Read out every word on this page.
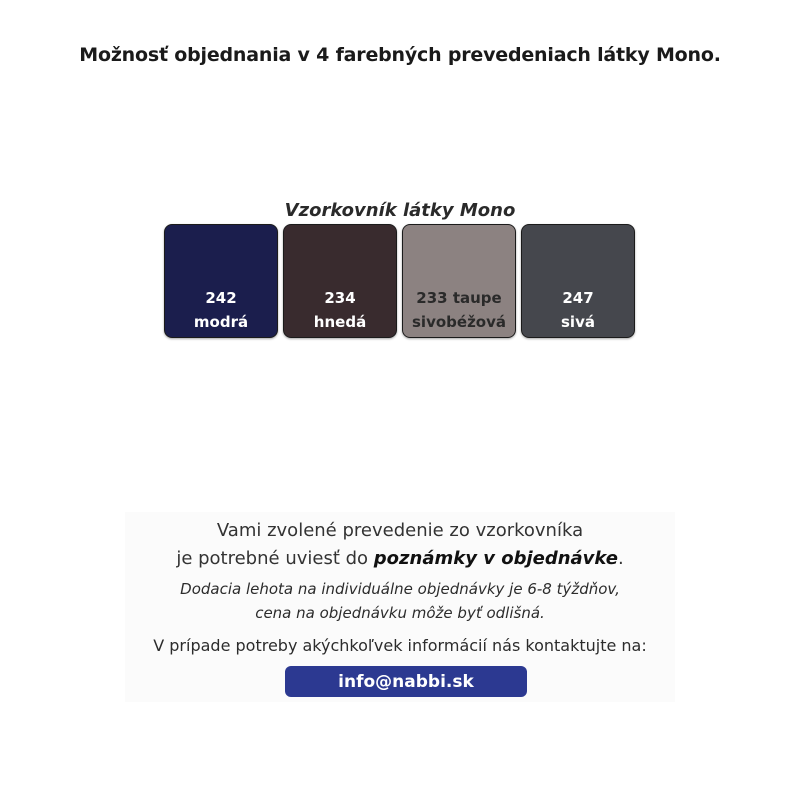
Možnosť objednania v 4 farebných prevedeniach látky Mono.
Vzorkovník látky Mono
242
modrá
234
hnedá
233 taupe
sivobéžová
247
sivá
Vami zvolené prevedenie zo vzorkovníka
je potrebné uviesť do poznámky v objednávke.
Dodacia lehota na individuálne objednávky je 6-8 týždňov,
cena na objednávku môže byť odlišná.
V prípade potreby akýchkoľvek informácií nás kontaktujte na:
info@nabbi.sk
